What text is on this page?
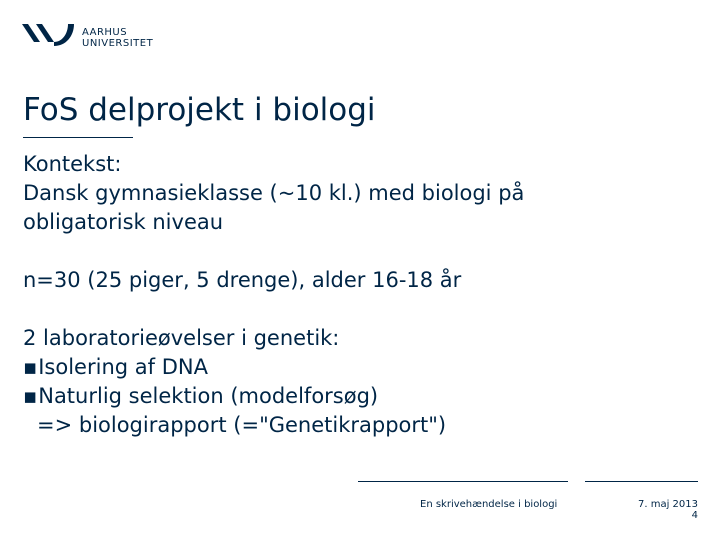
AARHUS
UNIVERSITET
FoS delprojekt i biologi

Kontekst:

Dansk gymnasieklasse (~10 kl.) med biologi på

obligatorisk niveau

n=30 (25 piger, 5 drenge), alder 16-18 år

2 laboratorieøvelser i genetik:

▪ Isolering af DNA

▪ Naturlig selektion (modelforsøg)

=> biologirapport (="Genetikrapport")

En skrivehændelse i biologi	7. maj 2013
4
